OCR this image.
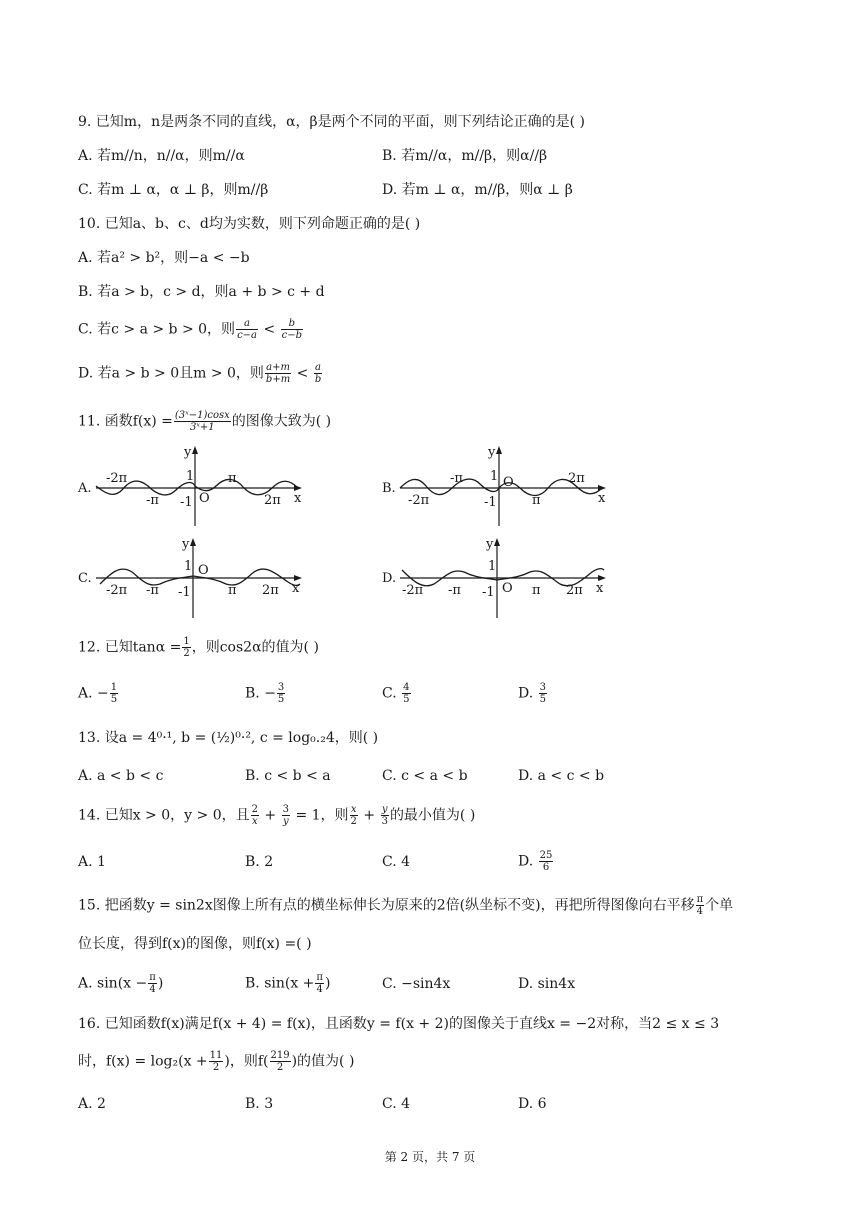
9. 已知m，n是两条不同的直线，α，β是两个不同的平面，则下列结论正确的是( )
A. 若m//n，n//α，则m//α	B. 若m//α，m//β，则α//β
C. 若m ⊥ α，α ⊥ β，则m//β	D. 若m ⊥ α，m//β，则α ⊥ β
10. 已知a、b、c、d均为实数，则下列命题正确的是( )
A. 若a² > b²，则−a < −b
B. 若a > b，c > d，则a + b > c + d
C. 若c > a > b > 0，则 $\frac{a}{c-a} < \frac{b}{c-b}$
D. 若a > b > 0且m > 0，则 $\frac{a+m}{b+m} < \frac{a}{b}$
11. 函数$f(x) = \frac{\text{(3ˣ−1)cosx}}{\text{3ˣ+1}}$ 的图像大致为( )
A.
y
1
-1 O
-2π
-π
π
2π x
B.
y
1
-1
O
-2π
-π
π
2π
x
C.
y
1
-1
O
-2π -π	π 2π x
D.
y
1
-1 O
-2π -π	π 2π x
12. 已知$\tan\alpha = \frac{1}{2}$ ，则cos2α的值为( )
A. − $\frac{1}{5}$	B. − $\frac{3}{5}$	C. $\frac{4}{5}$	D. $\frac{3}{5}$
13. 设a = 4⁰·¹, b = (½)⁰·², c = log₀.₂4，则( )
A. a < b < c	B. c < b < a	C. c < a < b	D. a < c < b
14. 已知x > 0，y > 0，且 $\frac{2}{x} + \frac{3}{y} = 1$，则 $\frac{x}{2} + \frac{y}{3}$ 的最小值为( )
A. 1	B. 2	C. 4	D. $\frac{25}{6}$
15. 把函数y = sin2x图像上所有点的横坐标伸长为原来的2倍(纵坐标不变)，再把所得图像向右平移 $\frac{\pi}{4}$ 个单
位长度，得到f(x)的图像，则f(x) =( )
A. $\sin(x - \frac{\pi}{4}$ )	B. $\sin(x + \frac{\pi}{4}$ )	C. −sin4x	D. sin4x
16. 已知函数f(x)满足f(x + 4) = f(x)，且函数y = f(x + 2)的图像关于直线x = −2对称，当2 ≤ x ≤ 3
时，$f(x) = \log_2(x + \frac{11}{2}$ )，则$f( \frac{219}{2}$ )的值为( )
A. 2	B. 3	C. 4	D. 6
第 2 页，共 7 页
